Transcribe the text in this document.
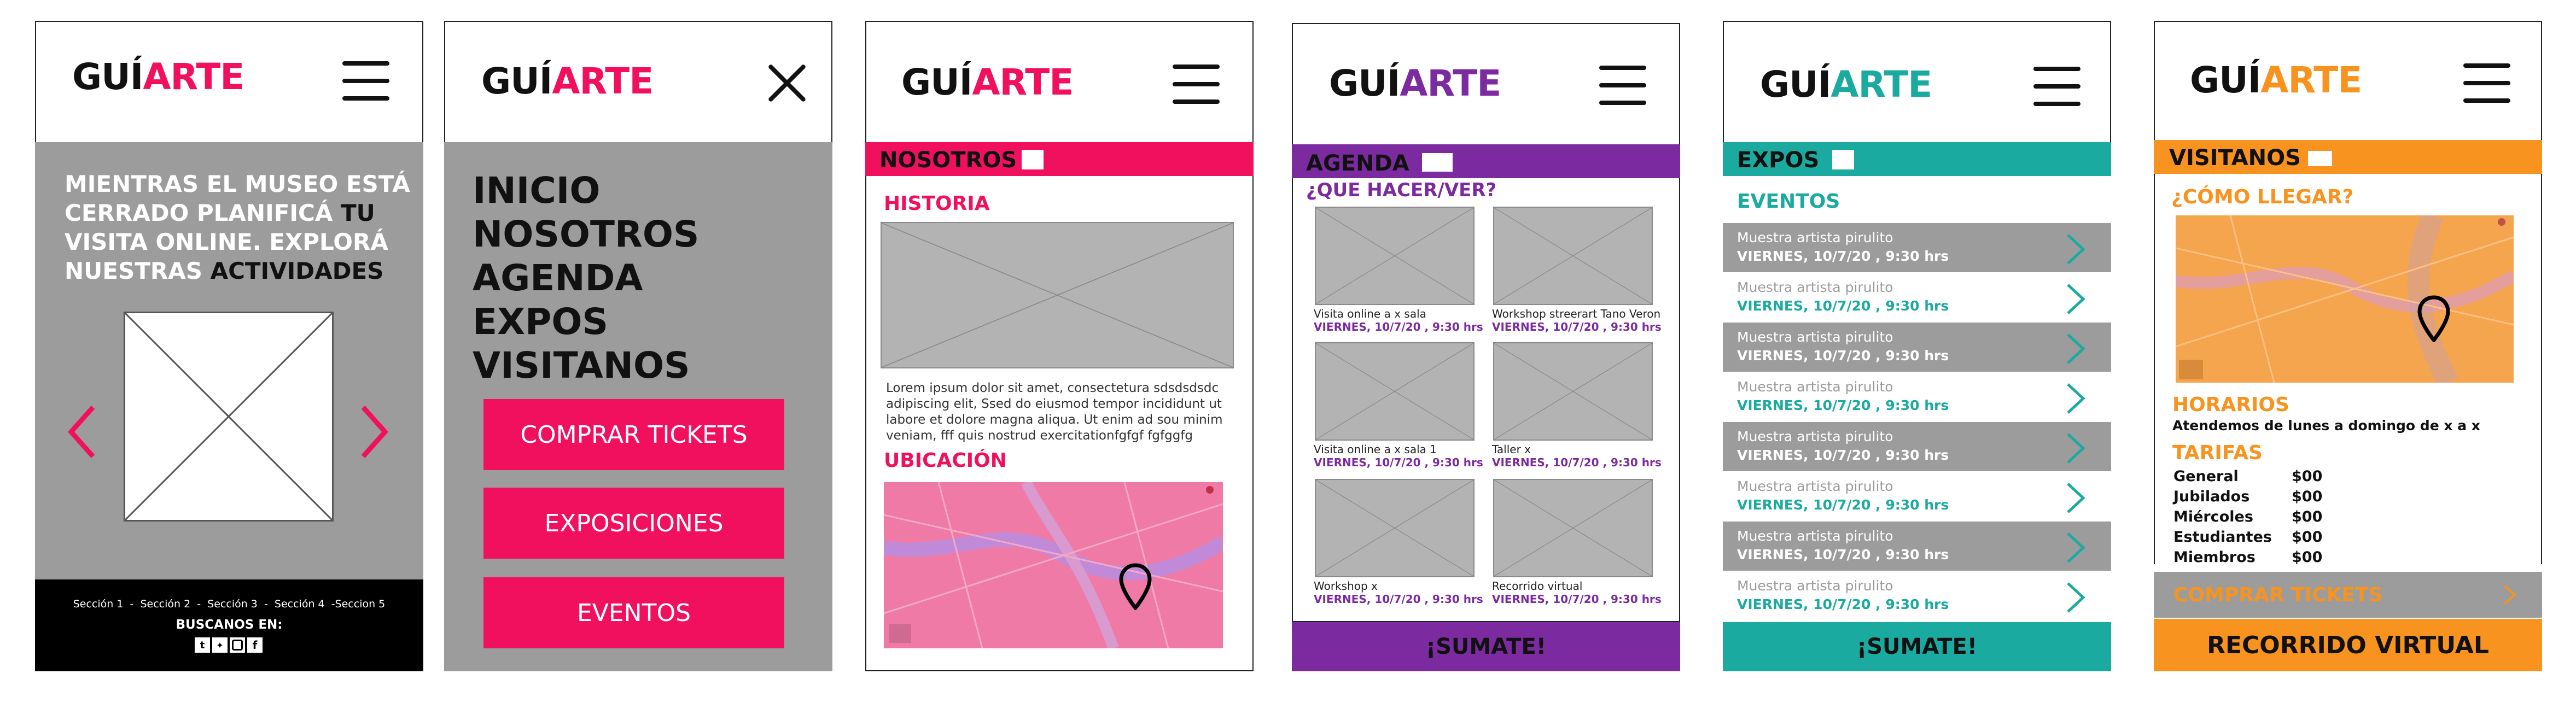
GUÍARTE
MIENTRAS EL MUSEO ESTÁ
CERRADO PLANIFICÁ TU
VISITA ONLINE. EXPLORÁ
NUESTRAS ACTIVIDADES
Sección 1  -  Sección 2  -  Sección 3  -  Sección 4  -Seccion 5
BUSCANOS EN:
t	✦	f
GUÍARTE
INICIO
NOSOTROS
AGENDA
EXPOS
VISITANOS
COMPRAR TICKETS
EXPOSICIONES
EVENTOS
GUÍARTE
NOSOTROS
HISTORIA
Lorem ipsum dolor sit amet, consectetura sdsdsdsdc
adipiscing elit, Ssed do eiusmod tempor incididunt ut
labore et dolore magna aliqua. Ut enim ad sou minim
veniam, fff quis nostrud exercitationfgfgf fgfggfg
UBICACIÓN
GUÍARTE
AGENDA
¿QUE HACER/VER?
Visita online a x sala
VIERNES, 10/7/20 , 9:30 hrs
Workshop streerart Tano Veron
VIERNES, 10/7/20 , 9:30 hrs
Visita online a x sala 1
VIERNES, 10/7/20 , 9:30 hrs
Taller x
VIERNES, 10/7/20 , 9:30 hrs
Workshop x
VIERNES, 10/7/20 , 9:30 hrs
Recorrido virtual
VIERNES, 10/7/20 , 9:30 hrs
¡SUMATE!
GUÍARTE
EXPOS
EVENTOS
Muestra artista pirulito
VIERNES, 10/7/20 , 9:30 hrs
Muestra artista pirulito
VIERNES, 10/7/20 , 9:30 hrs
Muestra artista pirulito
VIERNES, 10/7/20 , 9:30 hrs
Muestra artista pirulito
VIERNES, 10/7/20 , 9:30 hrs
Muestra artista pirulito
VIERNES, 10/7/20 , 9:30 hrs
Muestra artista pirulito
VIERNES, 10/7/20 , 9:30 hrs
Muestra artista pirulito
VIERNES, 10/7/20 , 9:30 hrs
Muestra artista pirulito
VIERNES, 10/7/20 , 9:30 hrs
¡SUMATE!
GUÍARTE
VISITANOS
¿CÓMO LLEGAR?
HORARIOS
Atendemos de lunes a domingo de x a x
TARIFAS
General	$00
Jubilados	$00
Miércoles	$00
Estudiantes $00
Miembros $00
COMPRAR TICKETS
RECORRIDO VIRTUAL
